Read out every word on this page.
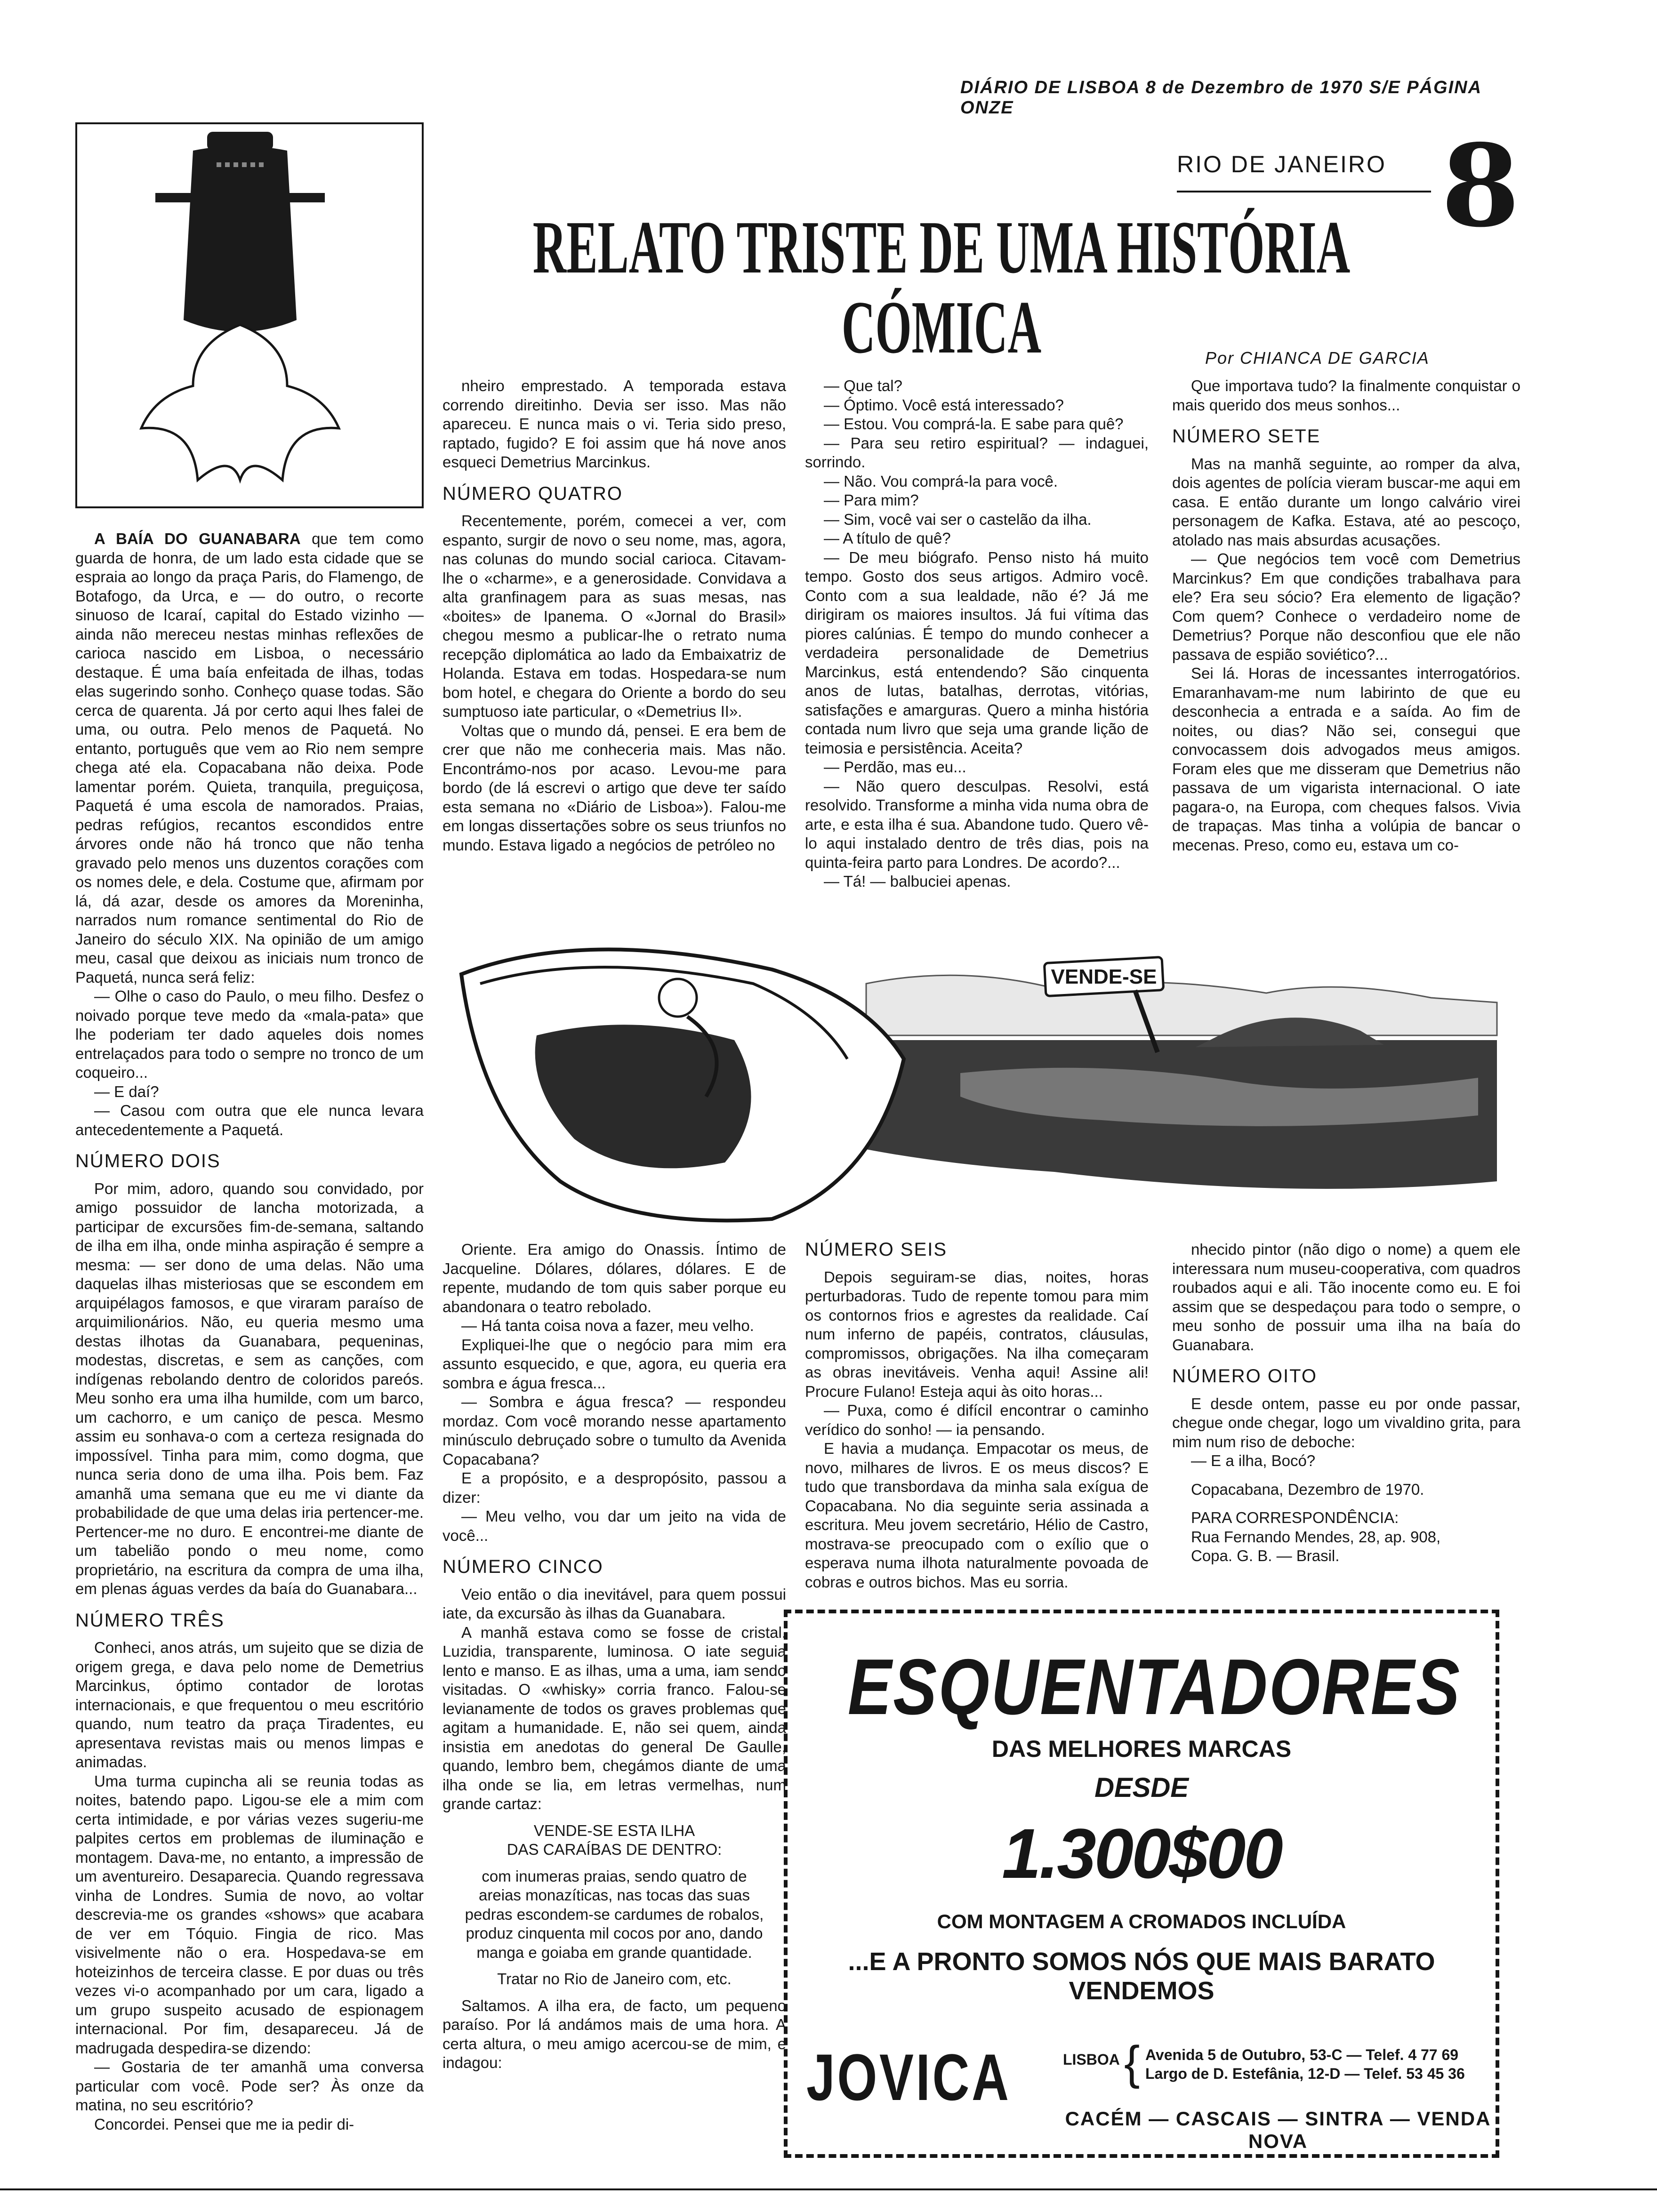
DIÁRIO DE LISBOA 8 de Dezembro de 1970 S/E PÁGINA ONZE
RIO DE JANEIRO 8
RELATO TRISTE DE UMA HISTÓRIA
CÓMICA	Por CHIANCA DE GARCIA

A BAÍA DO GUANABARA que tem como guarda de honra, de um lado esta cidade que se espraia ao longo da praça Paris, do Flamengo, de Botafogo, da Urca, e — do outro, o recorte sinuoso de Icaraí, capital do Estado vizinho — ainda não mereceu nestas minhas reflexões de carioca nascido em Lisboa, o necessário destaque. É uma baía enfeitada de ilhas, todas elas sugerindo sonho. Conheço quase todas. São cerca de quarenta. Já por certo aqui lhes falei de uma, ou outra. Pelo menos de Paquetá. No entanto, português que vem ao Rio nem sempre chega até ela. Copacabana não deixa. Pode lamentar porém. Quieta, tranquila, preguiçosa, Paquetá é uma escola de namorados. Praias, pedras refúgios, recantos escondidos entre árvores onde não há tronco que não tenha gravado pelo menos uns duzentos corações com os nomes dele, e dela. Costume que, afirmam por lá, dá azar, desde os amores da Moreninha, narrados num romance sentimental do Rio de Janeiro do século XIX. Na opinião de um amigo meu, casal que deixou as iniciais num tronco de Paquetá, nunca será feliz:

— Olhe o caso do Paulo, o meu filho. Desfez o noivado porque teve medo da «mala-pata» que lhe poderiam ter dado aqueles dois nomes entrelaçados para todo o sempre no tronco de um coqueiro...

— E daí?

— Casou com outra que ele nunca levara antecedentemente a Paquetá.

NÚMERO DOIS

Por mim, adoro, quando sou convidado, por amigo possuidor de lancha motorizada, a participar de excursões fim-de-semana, saltando de ilha em ilha, onde minha aspiração é sempre a mesma: — ser dono de uma delas. Não uma daquelas ilhas misteriosas que se escondem em arquipélagos famosos, e que viraram paraíso de arquimilionários. Não, eu queria mesmo uma destas ilhotas da Guanabara, pequeninas, modestas, discretas, e sem as canções, com indígenas rebolando dentro de coloridos pareós. Meu sonho era uma ilha humilde, com um barco, um cachorro, e um caniço de pesca. Mesmo assim eu sonhava-o com a certeza resignada do impossível. Tinha para mim, como dogma, que nunca seria dono de uma ilha. Pois bem. Faz amanhã uma semana que eu me vi diante da probabilidade de que uma delas iria pertencer-me. Pertencer-me no duro. E encontrei-me diante de um tabelião pondo o meu nome, como proprietário, na escritura da compra de uma ilha, em plenas águas verdes da baía do Guanabara...

NÚMERO TRÊS

Conheci, anos atrás, um sujeito que se dizia de origem grega, e dava pelo nome de Demetrius Marcinkus, óptimo contador de lorotas internacionais, e que frequentou o meu escritório quando, num teatro da praça Tiradentes, eu apresentava revistas mais ou menos limpas e animadas.

Uma turma cupincha ali se reunia todas as noites, batendo papo. Ligou-se ele a mim com certa intimidade, e por várias vezes sugeriu-me palpites certos em problemas de iluminação e montagem. Dava-me, no entanto, a impressão de um aventureiro. Desaparecia. Quando regressava vinha de Londres. Sumia de novo, ao voltar descrevia-me os grandes «shows» que acabara de ver em Tóquio. Fingia de rico. Mas visivelmente não o era. Hospedava-se em hoteizinhos de terceira classe. E por duas ou três vezes vi-o acompanhado por um cara, ligado a um grupo suspeito acusado de espionagem internacional. Por fim, desapareceu. Já de madrugada despedira-se dizendo:

— Gostaria de ter amanhã uma conversa particular com você. Pode ser? Às onze da matina, no seu escritório?

Concordei. Pensei que me ia pedir di-

nheiro emprestado. A temporada estava correndo direitinho. Devia ser isso. Mas não apareceu. E nunca mais o vi. Teria sido preso, raptado, fugido? E foi assim que há nove anos esqueci Demetrius Marcinkus.

NÚMERO QUATRO

Recentemente, porém, comecei a ver, com espanto, surgir de novo o seu nome, mas, agora, nas colunas do mundo social carioca. Citavam-lhe o «charme», e a generosidade. Convidava a alta granfinagem para as suas mesas, nas «boites» de Ipanema. O «Jornal do Brasil» chegou mesmo a publicar-lhe o retrato numa recepção diplomática ao lado da Embaixatriz de Holanda. Estava em todas. Hospedara-se num bom hotel, e chegara do Oriente a bordo do seu sumptuoso iate particular, o «Demetrius II».

Voltas que o mundo dá, pensei. E era bem de crer que não me conheceria mais. Mas não. Encontrámo-nos por acaso. Levou-me para bordo (de lá escrevi o artigo que deve ter saído esta semana no «Diário de Lisboa»). Falou-me em longas dissertações sobre os seus triunfos no mundo. Estava ligado a negócios de petróleo no

— Que tal?

— Óptimo. Você está interessado?

— Estou. Vou comprá-la. E sabe para quê?

— Para seu retiro espiritual? — indaguei, sorrindo.

— Não. Vou comprá-la para você.

— Para mim?

— Sim, você vai ser o castelão da ilha.

— A título de quê?

— De meu biógrafo. Penso nisto há muito tempo. Gosto dos seus artigos. Admiro você. Conto com a sua lealdade, não é? Já me dirigiram os maiores insultos. Já fui vítima das piores calúnias. É tempo do mundo conhecer a verdadeira personalidade de Demetrius Marcinkus, está entendendo? São cinquenta anos de lutas, batalhas, derrotas, vitórias, satisfações e amarguras. Quero a minha história contada num livro que seja uma grande lição de teimosia e persistência. Aceita?

— Perdão, mas eu...

— Não quero desculpas. Resolvi, está resolvido. Transforme a minha vida numa obra de arte, e esta ilha é sua. Abandone tudo. Quero vê-lo aqui instalado dentro de três dias, pois na quinta-feira parto para Londres. De acordo?...

— Tá! — balbuciei apenas.

Que importava tudo? Ia finalmente conquistar o mais querido dos meus sonhos...

NÚMERO SETE

Mas na manhã seguinte, ao romper da alva, dois agentes de polícia vieram buscar-me aqui em casa. E então durante um longo calvário virei personagem de Kafka. Estava, até ao pescoço, atolado nas mais absurdas acusações.

— Que negócios tem você com Demetrius Marcinkus? Em que condições trabalhava para ele? Era seu sócio? Era elemento de ligação? Com quem? Conhece o verdadeiro nome de Demetrius? Porque não desconfiou que ele não passava de espião soviético?...

Sei lá. Horas de incessantes interrogatórios. Emaranhavam-me num labirinto de que eu desconhecia a entrada e a saída. Ao fim de noites, ou dias? Não sei, consegui que convocassem dois advogados meus amigos. Foram eles que me disseram que Demetrius não passava de um vigarista internacional. O iate pagara-o, na Europa, com cheques falsos. Vivia de trapaças. Mas tinha a volúpia de bancar o mecenas. Preso, como eu, estava um co-

VENDE-SE

Oriente. Era amigo do Onassis. Íntimo de Jacqueline. Dólares, dólares, dólares. E de repente, mudando de tom quis saber porque eu abandonara o teatro rebolado.

— Há tanta coisa nova a fazer, meu velho.

Expliquei-lhe que o negócio para mim era assunto esquecido, e que, agora, eu queria era sombra e água fresca...

— Sombra e água fresca? — respondeu mordaz. Com você morando nesse apartamento minúsculo debruçado sobre o tumulto da Avenida Copacabana?

E a propósito, e a despropósito, passou a dizer:

— Meu velho, vou dar um jeito na vida de você...

NÚMERO CINCO

Veio então o dia inevitável, para quem possui iate, da excursão às ilhas da Guanabara.

A manhã estava como se fosse de cristal. Luzidia, transparente, luminosa. O iate seguia lento e manso. E as ilhas, uma a uma, iam sendo visitadas. O «whisky» corria franco. Falou-se levianamente de todos os graves problemas que agitam a humanidade. E, não sei quem, ainda insistia em anedotas do general De Gaulle, quando, lembro bem, chegámos diante de uma ilha onde se lia, em letras vermelhas, num grande cartaz:

VENDE-SE ESTA ILHA

DAS CARAÍBAS DE DENTRO:

com inumeras praias, sendo quatro de areias monazíticas, nas tocas das suas pedras escondem-se cardumes de robalos, produz cinquenta mil cocos por ano, dando manga e goiaba em grande quantidade.

Tratar no Rio de Janeiro com, etc.

Saltamos. A ilha era, de facto, um pequeno paraíso. Por lá andámos mais de uma hora. A certa altura, o meu amigo acercou-se de mim, e indagou:

NÚMERO SEIS

Depois seguiram-se dias, noites, horas perturbadoras. Tudo de repente tomou para mim os contornos frios e agrestes da realidade. Caí num inferno de papéis, contratos, cláusulas, compromissos, obrigações. Na ilha começaram as obras inevitáveis. Venha aqui! Assine ali! Procure Fulano! Esteja aqui às oito horas...

— Puxa, como é difícil encontrar o caminho verídico do sonho! — ia pensando.

E havia a mudança. Empacotar os meus, de novo, milhares de livros. E os meus discos? E tudo que transbordava da minha sala exígua de Copacabana. No dia seguinte seria assinada a escritura. Meu jovem secretário, Hélio de Castro, mostrava-se preocupado com o exílio que o esperava numa ilhota naturalmente povoada de cobras e outros bichos. Mas eu sorria.

nhecido pintor (não digo o nome) a quem ele interessara num museu-cooperativa, com quadros roubados aqui e ali. Tão inocente como eu. E foi assim que se despedaçou para todo o sempre, o meu sonho de possuir uma ilha na baía do Guanabara.

NÚMERO OITO

E desde ontem, passe eu por onde passar, chegue onde chegar, logo um vivaldino grita, para mim num riso de deboche:

— E a ilha, Bocó?

Copacabana, Dezembro de 1970.

PARA CORRESPONDÊNCIA:

Rua Fernando Mendes, 28, ap. 908,

Copa. G. B. — Brasil.

ESQUENTADORES
DAS MELHORES MARCAS
DESDE
1.300$00
COM MONTAGEM A CROMADOS INCLUÍDA
...E A PRONTO SOMOS NÓS QUE MAIS BARATO
VENDEMOS
JOVICA	LISBOA { Avenida 5 de Outubro, 53-C — Telef. 4 77 69
Largo de D. Estefânia, 12-D — Telef. 53 45 36
CACÉM — CASCAIS — SINTRA — VENDA NOVA
